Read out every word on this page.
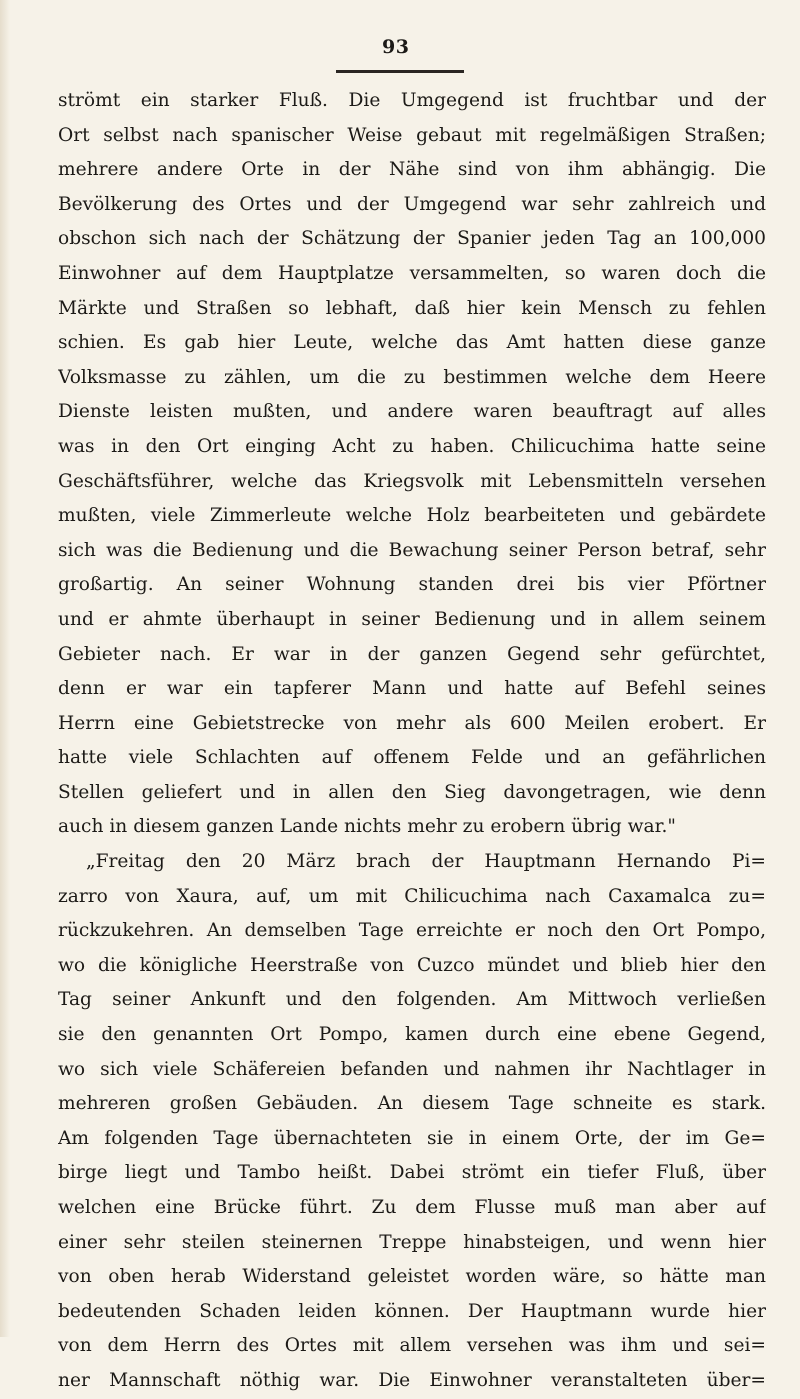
93
strömt ein starker Fluß. Die Umgegend ist fruchtbar und der
Ort selbst nach spanischer Weise gebaut mit regelmäßigen Straßen;
mehrere andere Orte in der Nähe sind von ihm abhängig. Die
Bevölkerung des Ortes und der Umgegend war sehr zahlreich und
obschon sich nach der Schätzung der Spanier jeden Tag an 100,000
Einwohner auf dem Hauptplatze versammelten, so waren doch die
Märkte und Straßen so lebhaft, daß hier kein Mensch zu fehlen
schien. Es gab hier Leute, welche das Amt hatten diese ganze
Volksmasse zu zählen, um die zu bestimmen welche dem Heere
Dienste leisten mußten, und andere waren beauftragt auf alles
was in den Ort einging Acht zu haben. Chilicuchima hatte seine
Geschäftsführer, welche das Kriegsvolk mit Lebensmitteln versehen
mußten, viele Zimmerleute welche Holz bearbeiteten und gebärdete
sich was die Bedienung und die Bewachung seiner Person betraf, sehr
großartig. An seiner Wohnung standen drei bis vier Pförtner
und er ahmte überhaupt in seiner Bedienung und in allem seinem
Gebieter nach. Er war in der ganzen Gegend sehr gefürchtet,
denn er war ein tapferer Mann und hatte auf Befehl seines
Herrn eine Gebietstrecke von mehr als 600 Meilen erobert. Er
hatte viele Schlachten auf offenem Felde und an gefährlichen
Stellen geliefert und in allen den Sieg davongetragen, wie denn
auch in diesem ganzen Lande nichts mehr zu erobern übrig war."
„Freitag den 20 März brach der Hauptmann Hernando Pi=
zarro von Xaura, auf, um mit Chilicuchima nach Caxamalca zu=
rückzukehren. An demselben Tage erreichte er noch den Ort Pompo,
wo die königliche Heerstraße von Cuzco mündet und blieb hier den
Tag seiner Ankunft und den folgenden. Am Mittwoch verließen
sie den genannten Ort Pompo, kamen durch eine ebene Gegend,
wo sich viele Schäfereien befanden und nahmen ihr Nachtlager in
mehreren großen Gebäuden. An diesem Tage schneite es stark.
Am folgenden Tage übernachteten sie in einem Orte, der im Ge=
birge liegt und Tambo heißt. Dabei strömt ein tiefer Fluß, über
welchen eine Brücke führt. Zu dem Flusse muß man aber auf
einer sehr steilen steinernen Treppe hinabsteigen, und wenn hier
von oben herab Widerstand geleistet worden wäre, so hätte man
bedeutenden Schaden leiden können. Der Hauptmann wurde hier
von dem Herrn des Ortes mit allem versehen was ihm und sei=
ner Mannschaft nöthig war. Die Einwohner veranstalteten über=
